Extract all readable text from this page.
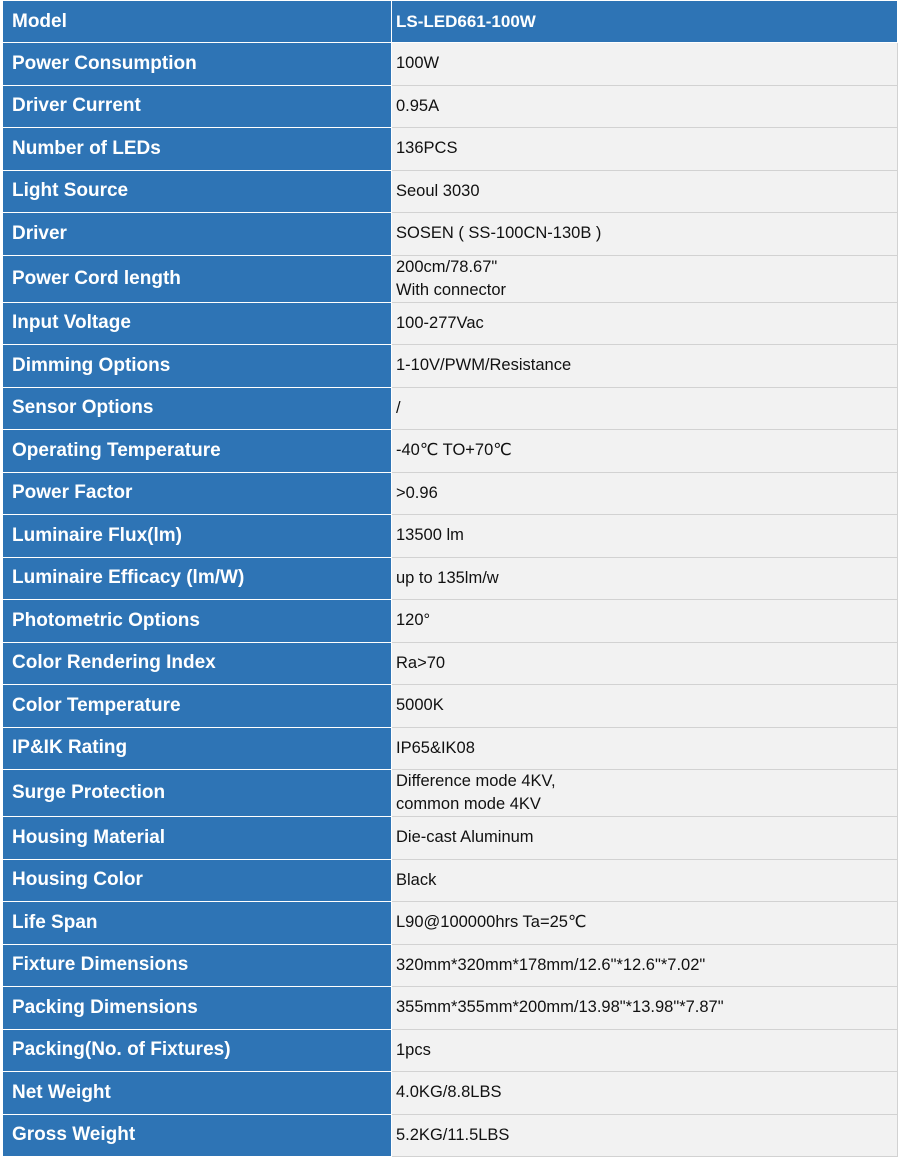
Model	LS-LED661-100W
Power Consumption	100W

Driver Current	0.95A

Number of LEDs	136PCS

Light Source	Seoul 3030

Driver	SOSEN ( SS-100CN-130B )

Power Cord length	200cm/78.67"
With connector

Input Voltage	100-277Vac

Dimming Options	1-10V/PWM/Resistance

Sensor Options	/

Operating Temperature	-40℃ TO+70℃

Power Factor	>0.96

Luminaire Flux(lm)	13500 lm

Luminaire Efficacy (lm/W)	up to 135lm/w

Photometric Options	120°

Color Rendering Index	Ra>70

Color Temperature	5000K

IP&IK Rating	IP65&IK08

Surge Protection	Difference mode 4KV,
common mode 4KV

Housing Material	Die-cast Aluminum

Housing Color	Black

Life Span	L90@100000hrs Ta=25℃

Fixture Dimensions	320mm*320mm*178mm/12.6"*12.6"*7.02"

Packing Dimensions	355mm*355mm*200mm/13.98"*13.98"*7.87"

Packing(No. of Fixtures)	1pcs

Net Weight	4.0KG/8.8LBS

Gross Weight	5.2KG/11.5LBS
